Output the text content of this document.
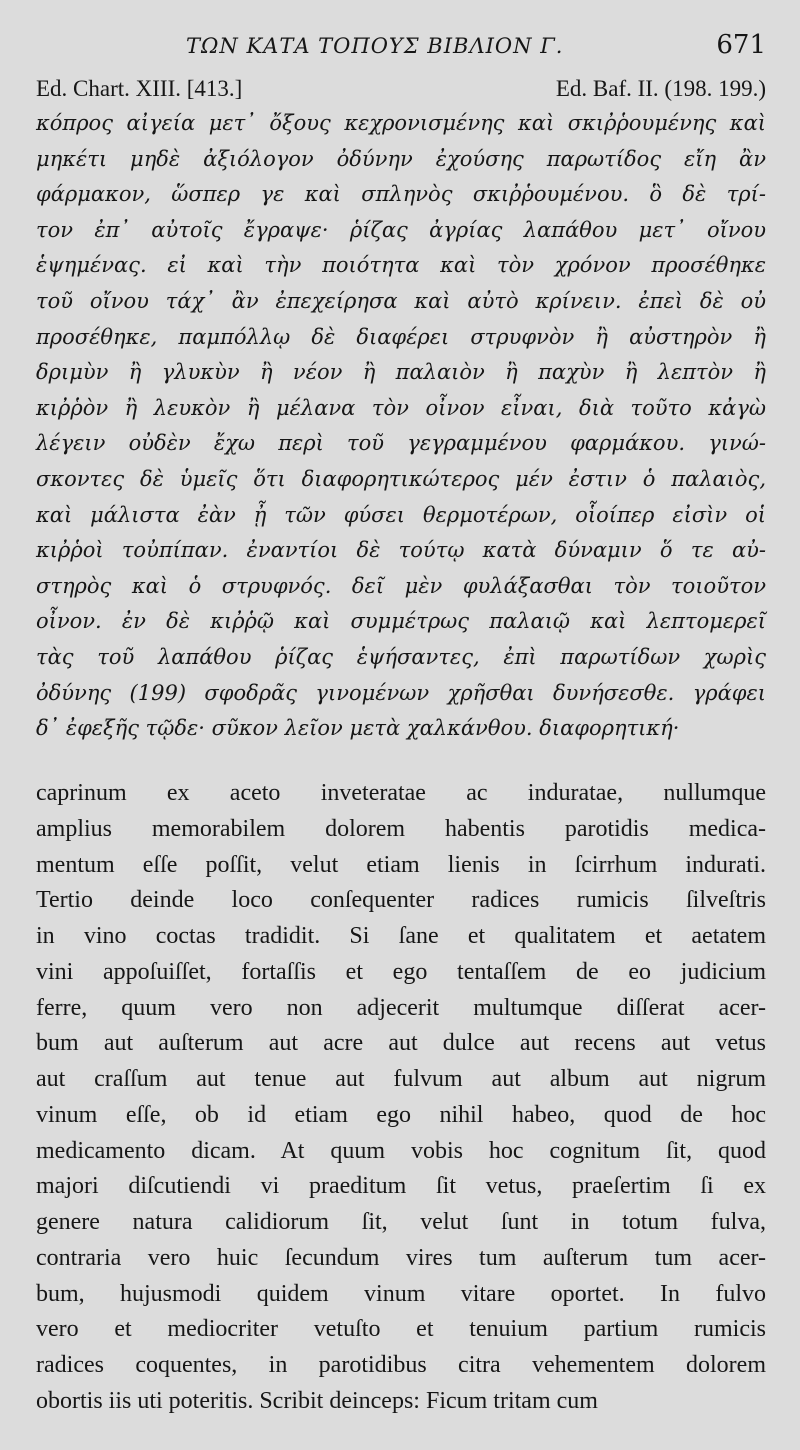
ΤΩΝ ΚΑΤΑ ΤΟΠΟΥΣ ΒΙΒΛΙΟΝ Γ.	671
Ed. Chart. XIII. [413.]	Ed. Baf. II. (198. 199.)
κόπρος αἰγεία μετ᾽ ὄξους κεχρονισμένης καὶ σκιῤῥουμένης καὶ
μηκέτι μηδὲ ἀξιόλογον ὀδύνην ἐχούσης παρωτίδος εἴη ἂν
φάρμακον, ὥσπερ γε καὶ σπληνὸς σκιῤῥουμένου. ὃ δὲ τρί-
τον ἐπ᾽ αὐτοῖς ἔγραψε· ῥίζας ἀγρίας λαπάθου μετ᾽ οἴνου
ἑψημένας. εἰ καὶ τὴν ποιότητα καὶ τὸν χρόνον προσέθηκε
τοῦ οἴνου τάχ᾽ ἂν ἐπεχείρησα καὶ αὐτὸ κρίνειν. ἐπεὶ δὲ οὐ
προσέθηκε, παμπόλλῳ δὲ διαφέρει στρυφνὸν ἢ αὐστηρὸν ἢ
δριμὺν ἢ γλυκὺν ἢ νέον ἢ παλαιὸν ἢ παχὺν ἢ λεπτὸν ἢ
κιῤῥὸν ἢ λευκὸν ἢ μέλανα τὸν οἶνον εἶναι, διὰ τοῦτο κἀγὼ
λέγειν οὐδὲν ἔχω περὶ τοῦ γεγραμμένου φαρμάκου. γινώ-
σκοντες δὲ ὑμεῖς ὅτι διαφορητικώτερος μέν ἐστιν ὁ παλαιὸς,
καὶ μάλιστα ἐὰν ᾖ τῶν φύσει θερμοτέρων, οἷοίπερ εἰσὶν οἱ
κιῤῥοὶ τοὐπίπαν. ἐναντίοι δὲ τούτῳ κατὰ δύναμιν ὅ τε αὐ-
στηρὸς καὶ ὁ στρυφνός. δεῖ μὲν φυλάξασθαι τὸν τοιοῦτον
οἶνον. ἐν δὲ κιῤῥῷ καὶ συμμέτρως παλαιῷ καὶ λεπτομερεῖ
τὰς τοῦ λαπάθου ῥίζας ἑψήσαντες, ἐπὶ παρωτίδων χωρὶς
ὀδύνης (199) σφοδρᾶς γινομένων χρῆσθαι δυνήσεσθε. γράφει
δ᾽ ἐφεξῆς τῷδε· σῦκον λεῖον μετὰ χαλκάνθου. διαφορητική·
caprinum ex aceto inveteratae ac induratae, nullumque
amplius memorabilem dolorem habentis parotidis medica-
mentum eſſe poſſit, velut etiam lienis in ſcirrhum indurati.
Tertio deinde loco conſequenter radices rumicis ſilveſtris
in vino coctas tradidit. Si ſane et qualitatem et aetatem
vini appoſuiſſet, fortaſſis et ego tentaſſem de eo judicium
ferre, quum vero non adjecerit multumque diſſerat acer-
bum aut auſterum aut acre aut dulce aut recens aut vetus
aut craſſum aut tenue aut fulvum aut album aut nigrum
vinum eſſe, ob id etiam ego nihil habeo, quod de hoc
medicamento dicam. At quum vobis hoc cognitum ſit, quod
majori diſcutiendi vi praeditum ſit vetus, praeſertim ſi ex
genere natura calidiorum ſit, velut ſunt in totum fulva,
contraria vero huic ſecundum vires tum auſterum tum acer-
bum, hujusmodi quidem vinum vitare oportet. In fulvo
vero et mediocriter vetuſto et tenuium partium rumicis
radices coquentes, in parotidibus citra vehementem dolorem
obortis iis uti poteritis. Scribit deinceps: Ficum tritam cum
